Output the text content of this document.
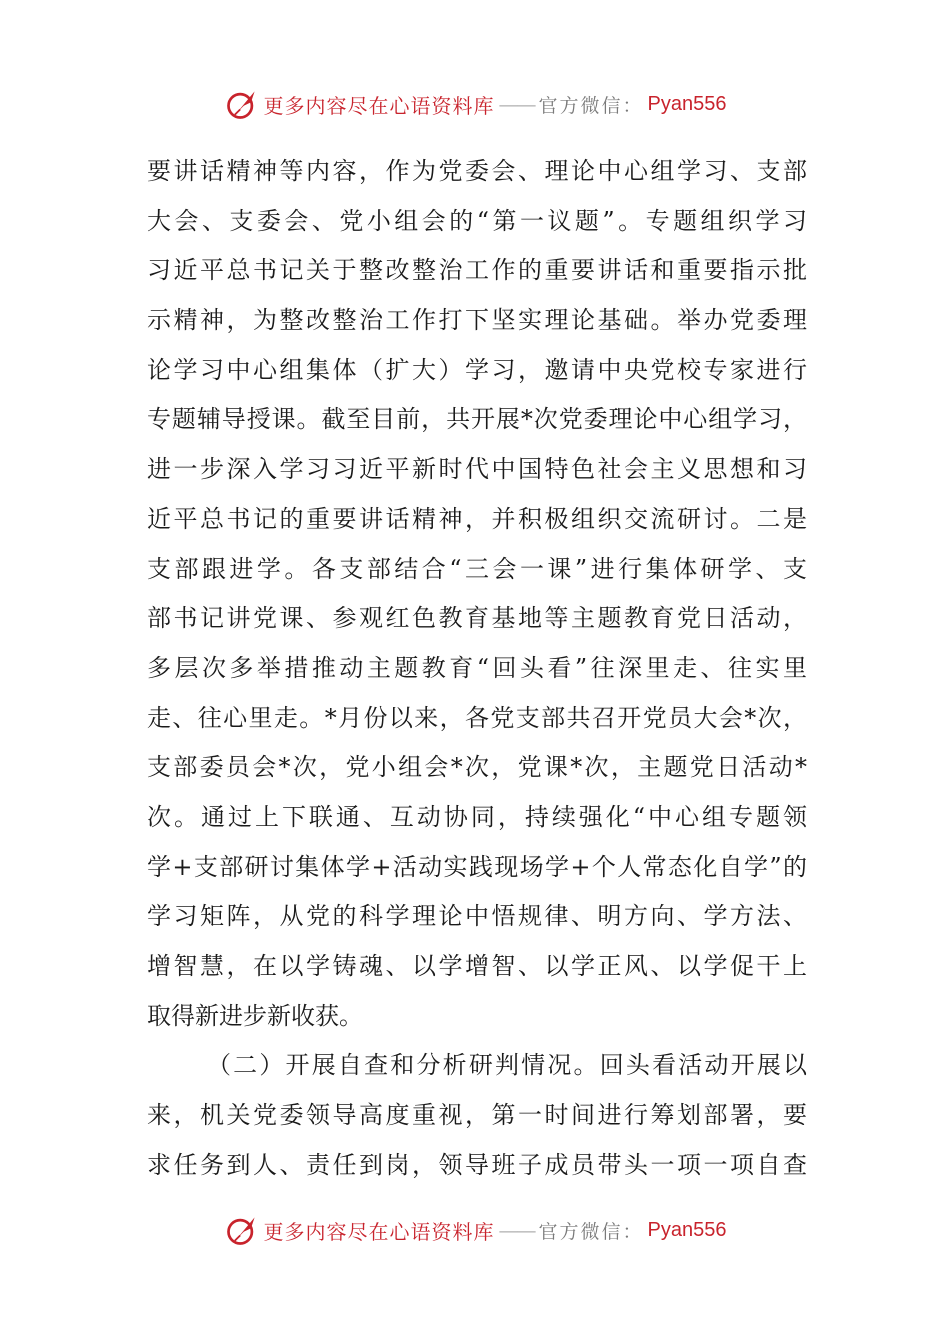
更多内容尽在心语资料库 —— 官方微信： Pyan556
要讲话精神等内容，作为党委会、理论中心组学习、支部
大会、支委会、党小组会的“第一议题”。专题组织学习
习近平总书记关于整改整治工作的重要讲话和重要指示批
示精神，为整改整治工作打下坚实理论基础。举办党委理
论学习中心组集体（扩大）学习，邀请中央党校专家进行
专题辅导授课。截至目前，共开展*次党委理论中心组学习，
进一步深入学习习近平新时代中国特色社会主义思想和习
近平总书记的重要讲话精神，并积极组织交流研讨。二是
支部跟进学。各支部结合“三会一课”进行集体研学、支
部书记讲党课、参观红色教育基地等主题教育党日活动，
多层次多举措推动主题教育“回头看”往深里走、往实里
走、往心里走。*月份以来，各党支部共召开党员大会*次，
支部委员会*次，党小组会*次，党课*次，主题党日活动*
次。通过上下联通、互动协同，持续强化“中心组专题领
学+支部研讨集体学+活动实践现场学+个人常态化自学”的
学习矩阵，从党的科学理论中悟规律、明方向、学方法、
增智慧，在以学铸魂、以学增智、以学正风、以学促干上
取得新进步新收获。
（二）开展自查和分析研判情况。回头看活动开展以
来，机关党委领导高度重视，第一时间进行筹划部署，要
求任务到人、责任到岗，领导班子成员带头一项一项自查
更多内容尽在心语资料库 —— 官方微信： Pyan556
